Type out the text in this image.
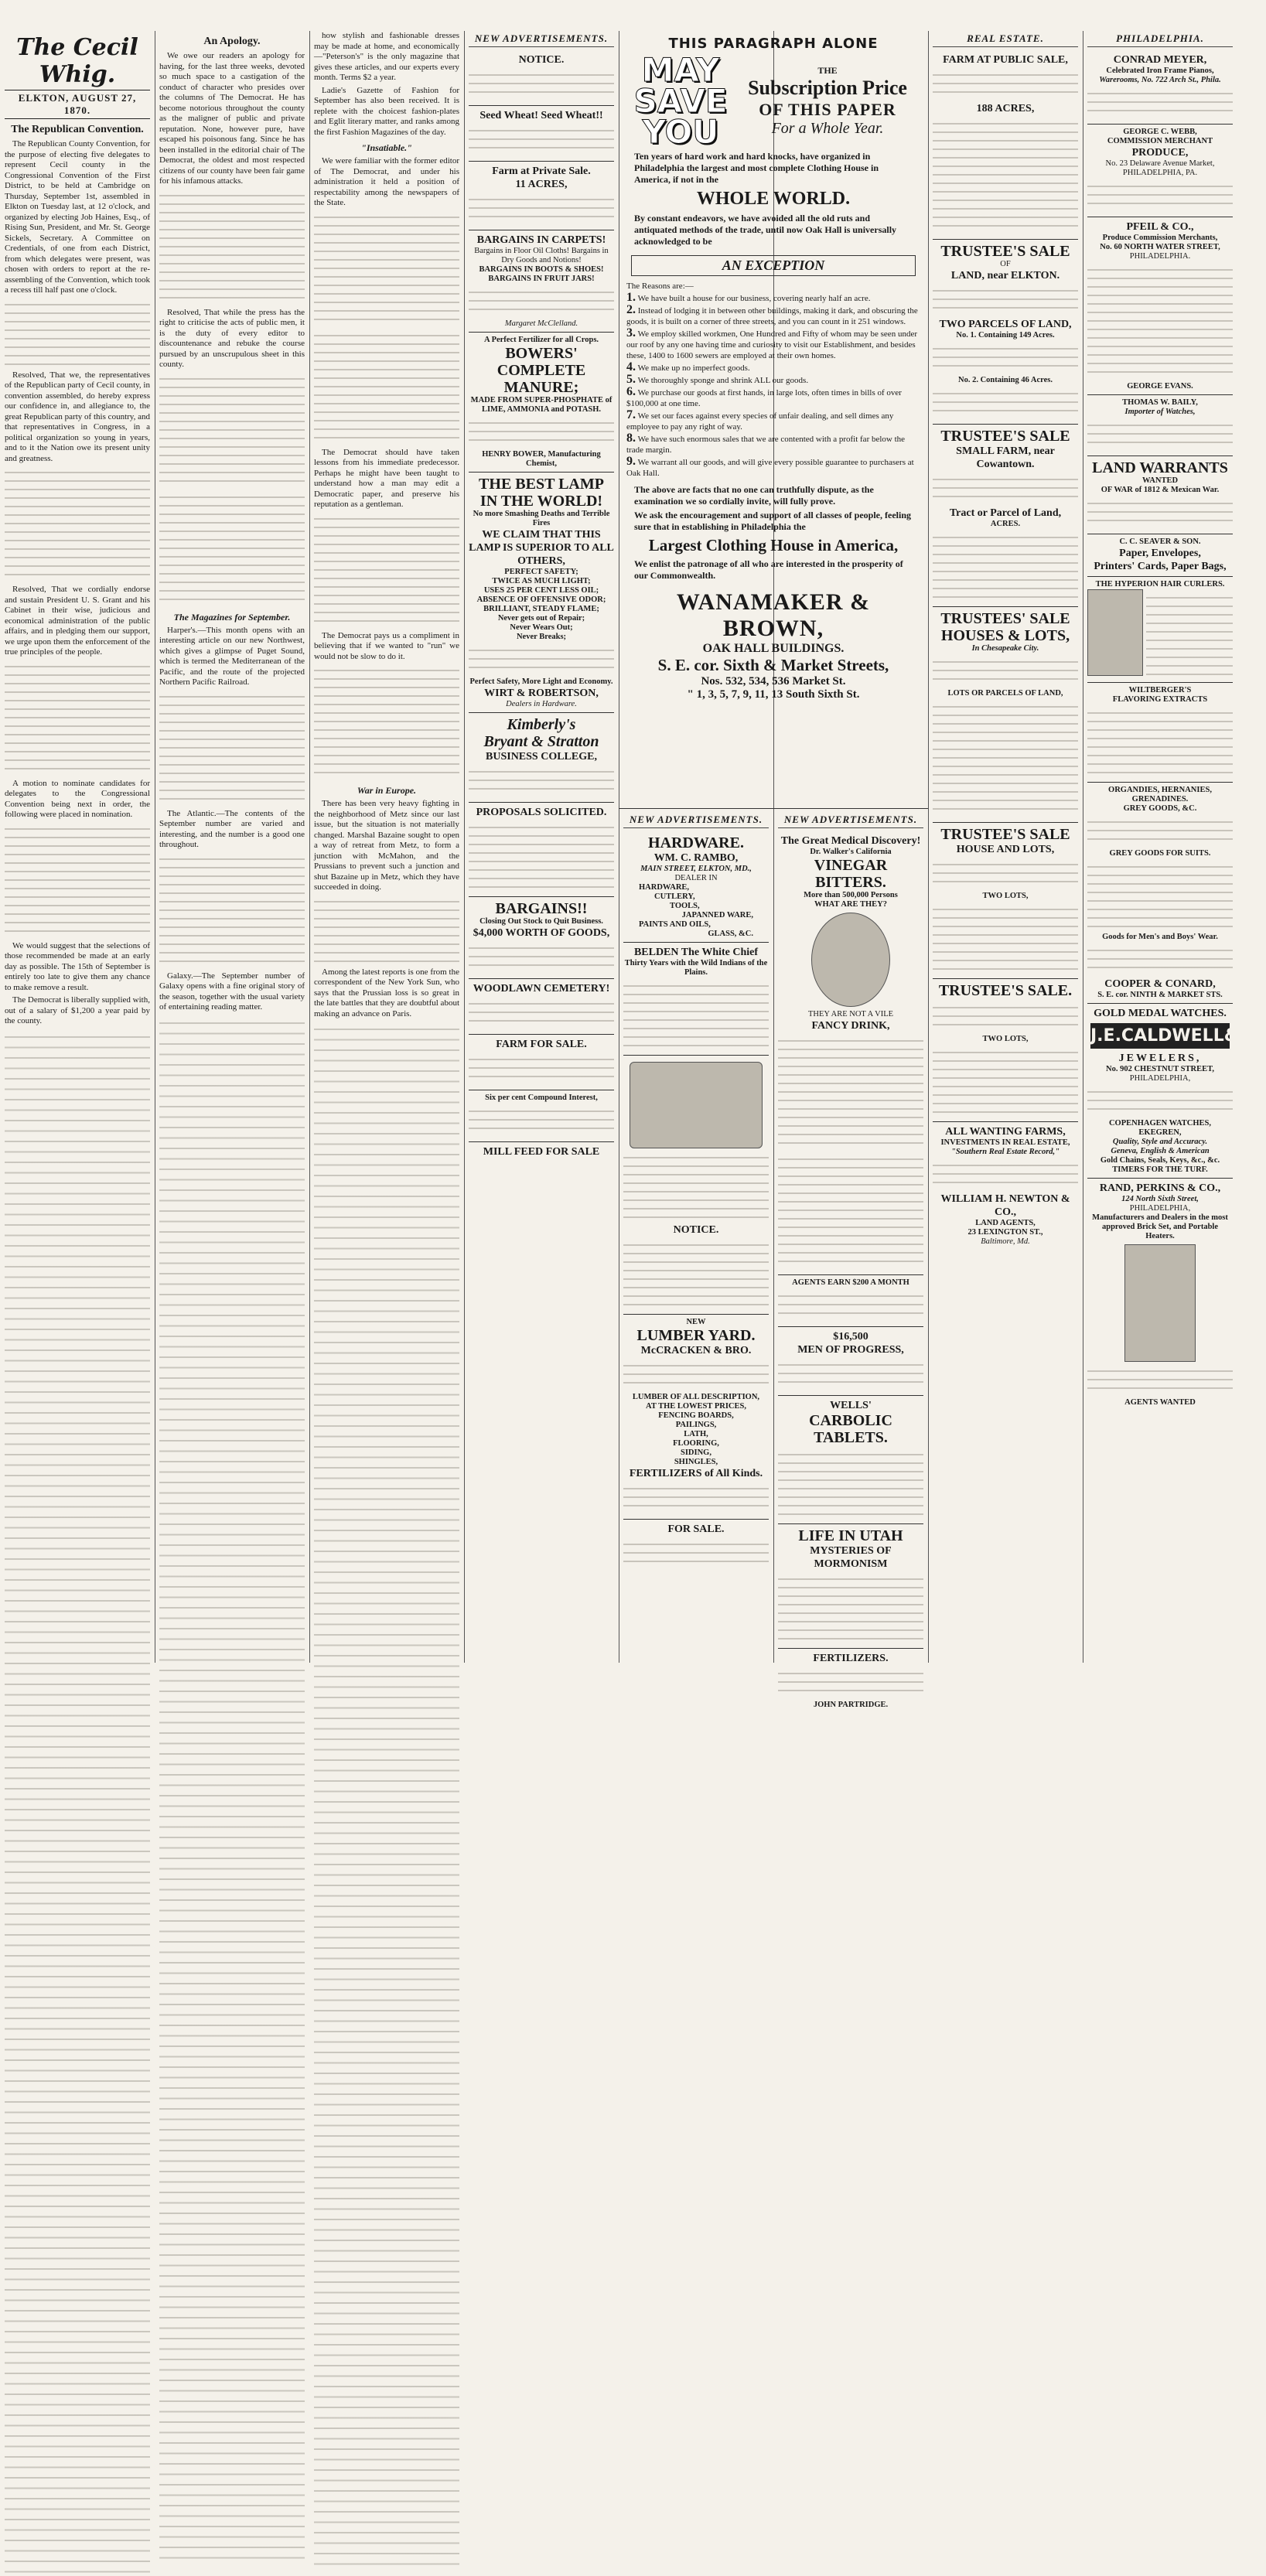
The Cecil Whig.
ELKTON, AUGUST 27, 1870.
The Republican Convention.

The Republican County Convention, for the purpose of electing five delegates to represent Cecil county in the Congressional Convention of the First District, to be held at Cambridge on Thursday, September 1st, assembled in Elkton on Tuesday last, at 12 o'clock, and organized by electing Job Haines, Esq., of Rising Sun, President, and Mr. St. George Sickels, Secretary. A Committee on Credentials, of one from each District, from which delegates were present, was chosen with orders to report at the re-assembling of the Convention, which took a recess till half past one o'clock.

Resolved, That we, the representatives of the Republican party of Cecil county, in convention assembled, do hereby express our confidence in, and allegiance to, the great Republican party of this country, and that representatives in Congress, in a political organization so young in years, and to it the Nation owe its present unity and greatness.

Resolved, That we cordially endorse and sustain President U. S. Grant and his Cabinet in their wise, judicious and economical administration of the public affairs, and in pledging them our support, we urge upon them the enforcement of the true principles of the people.

A motion to nominate candidates for delegates to the Congressional Convention being next in order, the following were placed in nomination.

We would suggest that the selections of those recommended be made at an early day as possible. The 15th of September is entirely too late to give them any chance to make remove a result.

The Democrat is liberally supplied with, out of a salary of $1,200 a year paid by the county.

An Apology.

We owe our readers an apology for having, for the last three weeks, devoted so much space to a castigation of the conduct of character who presides over the columns of The Democrat. He has become notorious throughout the county as the maligner of public and private reputation. None, however pure, have escaped his poisonous fang. Since he has been installed in the editorial chair of The Democrat, the oldest and most respected citizens of our county have been fair game for his infamous attacks.

Resolved, That while the press has the right to criticise the acts of public men, it is the duty of every editor to discountenance and rebuke the course pursued by an unscrupulous sheet in this county.

The Magazines for September.

Harper's.—This month opens with an interesting article on our new Northwest, which gives a glimpse of Puget Sound, which is termed the Mediterranean of the Pacific, and the route of the projected Northern Pacific Railroad.

The Atlantic.—The contents of the September number are varied and interesting, and the number is a good one throughout.

Galaxy.—The September number of Galaxy opens with a fine original story of the season, together with the usual variety of entertaining reading matter.

how stylish and fashionable dresses may be made at home, and economically—"Peterson's" is the only magazine that gives these articles, and our experts every month. Terms $2 a year.

Ladie's Gazette of Fashion for September has also been received. It is replete with the choicest fashion-plates and Eglit literary matter, and ranks among the first Fashion Magazines of the day.

"Insatiable."

We were familiar with the former editor of The Democrat, and under his administration it held a position of respectability among the newspapers of the State.

The Democrat should have taken lessons from his immediate predecessor. Perhaps he might have been taught to understand how a man may edit a Democratic paper, and preserve his reputation as a gentleman.

The Democrat pays us a compliment in believing that if we wanted to "run" we would not be slow to do it.

War in Europe.

There has been very heavy fighting in the neighborhood of Metz since our last issue, but the situation is not materially changed. Marshal Bazaine sought to open a way of retreat from Metz, to form a junction with McMahon, and the Prussians to prevent such a junction and shut Bazaine up in Metz, which they have succeeded in doing.

Among the latest reports is one from the correspondent of the New York Sun, who says that the Prussian loss is so great in the late battles that they are doubtful about making an advance on Paris.

NEW ADVERTISEMENTS.
NOTICE.
Seed Wheat! Seed Wheat!!
Farm at Private Sale.
11 ACRES,
BARGAINS IN CARPETS!
Bargains in Floor Oil Cloths! Bargains in Dry Goods and Notions!
BARGAINS IN BOOTS & SHOES!
BARGAINS IN FRUIT JARS!
Margaret McClelland.
A Perfect Fertilizer for all Crops.
BOWERS' COMPLETE MANURE;
MADE FROM SUPER-PHOSPHATE of LIME, AMMONIA and POTASH.
HENRY BOWER, Manufacturing Chemist,
THE BEST LAMP IN THE WORLD!
No more Smashing Deaths and Terrible Fires
WE CLAIM THAT THIS LAMP IS SUPERIOR TO ALL OTHERS,
PERFECT SAFETY;
TWICE AS MUCH LIGHT;
USES 25 PER CENT LESS OIL;
ABSENCE OF OFFENSIVE ODOR;
BRILLIANT, STEADY FLAME;
Never gets out of Repair;
Never Wears Out;
Never Breaks;
Perfect Safety, More Light and Economy.
WIRT & ROBERTSON,
Dealers in Hardware.
Kimberly's
Bryant & Stratton
BUSINESS COLLEGE,
PROPOSALS SOLICITED.
BARGAINS!!
Closing Out Stock to Quit Business.
$4,000 WORTH OF GOODS,
WOODLAWN CEMETERY!
FARM FOR SALE.
Six per cent Compound Interest,
MILL FEED FOR SALE
THIS PARAGRAPH ALONE
MAY
SAVE
YOU
THE
Subscription Price
OF THIS PAPER
For a Whole Year.
Ten years of hard work and hard knocks, have organized in Philadelphia the largest and most complete Clothing House in America, if not in the
WHOLE WORLD.
By constant endeavors, we have avoided all the old ruts and antiquated methods of the trade, until now Oak Hall is universally acknowledged to be
AN EXCEPTION
The Reasons are:—
1. We have built a house for our business, covering nearly half an acre.
2. Instead of lodging it in between other buildings, making it dark, and obscuring the goods, it is built on a corner of three streets, and you can count in it 251 windows.
3. We employ skilled workmen, One Hundred and Fifty of whom may be seen under our roof by any one having time and curiosity to visit our Establishment, and besides these, 1400 to 1600 sewers are employed at their own homes.
4. We make up no imperfect goods.
5. We thoroughly sponge and shrink ALL our goods.
6. We purchase our goods at first hands, in large lots, often times in bills of over $100,000 at one time.
7. We set our faces against every species of unfair dealing, and sell dimes any employee to pay any right of way.
8. We have such enormous sales that we are contented with a profit far below the trade margin.
9. We warrant all our goods, and will give every possible guarantee to purchasers at Oak Hall.
The above are facts that no one can truthfully dispute, as the examination we so cordially invite, will fully prove.
We ask the encouragement and support of all classes of people, feeling sure that in establishing in Philadelphia the
Largest Clothing House in America,
We enlist the patronage of all who are interested in the prosperity of our Commonwealth.
WANAMAKER & BROWN,
OAK HALL BUILDINGS.
S. E. cor. Sixth & Market Streets,
Nos. 532, 534, 536 Market St.
" 1, 3, 5, 7, 9, 11, 13 South Sixth St.
NEW ADVERTISEMENTS.
HARDWARE.
WM. C. RAMBO,
MAIN STREET, ELKTON, MD.,
DEALER IN
HARDWARE,
CUTLERY,
TOOLS,
JAPANNED WARE,
PAINTS AND OILS,
GLASS, &C.
BELDEN The White Chief
Thirty Years with the Wild Indians of the Plains.
NOTICE.
NEW
LUMBER YARD.
McCRACKEN & BRO.
LUMBER OF ALL DESCRIPTION,
AT THE LOWEST PRICES,
FENCING BOARDS,
PAILINGS,
LATH,
FLOORING,
SIDING,
SHINGLES,
FERTILIZERS of All Kinds.
FOR SALE.
NEW ADVERTISEMENTS.
The Great Medical Discovery!
Dr. Walker's California
VINEGAR BITTERS.
More than 500,000 Persons
WHAT ARE THEY?
THEY ARE NOT A VILE
FANCY DRINK,
AGENTS EARN $200 A MONTH
$16,500
MEN OF PROGRESS,
WELLS'
CARBOLIC TABLETS.
LIFE IN UTAH
MYSTERIES OF MORMONISM
FERTILIZERS.
JOHN PARTRIDGE.
REAL ESTATE.
FARM AT PUBLIC SALE,
188 ACRES,
TRUSTEE'S SALE
OF
LAND, near ELKTON.
TWO PARCELS OF LAND,
No. 1. Containing 149 Acres.
No. 2. Containing 46 Acres.
TRUSTEE'S SALE
SMALL FARM, near Cowantown.
Tract or Parcel of Land,
ACRES.
TRUSTEES' SALE
HOUSES & LOTS,
In Chesapeake City.
LOTS OR PARCELS OF LAND,
TRUSTEE'S SALE
HOUSE AND LOTS,
TWO LOTS,
TRUSTEE'S SALE.
TWO LOTS,
ALL WANTING FARMS,
INVESTMENTS IN REAL ESTATE,
"Southern Real Estate Record,"
WILLIAM H. NEWTON & CO.,
LAND AGENTS,
23 LEXINGTON ST.,
Baltimore, Md.
PHILADELPHIA.
CONRAD MEYER,
Celebrated Iron Frame Pianos,
Warerooms, No. 722 Arch St., Phila.
GEORGE C. WEBB,
COMMISSION MERCHANT
PRODUCE,
No. 23 Delaware Avenue Market, PHILADELPHIA, PA.
PFEIL & CO.,
Produce Commission Merchants,
No. 60 NORTH WATER STREET,
PHILADELPHIA.
GEORGE EVANS.
THOMAS W. BAILY,
Importer of Watches,
LAND WARRANTS
WANTED
OF WAR of 1812 & Mexican War.
C. C. SEAVER & SON.
Paper, Envelopes,
Printers' Cards, Paper Bags,
THE HYPERION HAIR CURLERS.
WILTBERGER'S
FLAVORING EXTRACTS
ORGANDIES, HERNANIES, GRENADINES.
GREY GOODS, &C.
GREY GOODS FOR SUITS.
Goods for Men's and Boys' Wear.
COOPER & CONARD,
S. E. cor. NINTH & MARKET STS.
GOLD MEDAL WATCHES.
J.E.CALDWELL&CO
JEWELERS,
No. 902 CHESTNUT STREET,
PHILADELPHIA,
COPENHAGEN WATCHES,
EKEGREN,
Quality, Style and Accuracy.
Geneva, English & American
Gold Chains, Seals, Keys, &c., &c.
TIMERS FOR THE TURF.
RAND, PERKINS & CO.,
124 North Sixth Street,
PHILADELPHIA,
Manufacturers and Dealers in the most approved Brick Set, and Portable Heaters.
AGENTS WANTED
